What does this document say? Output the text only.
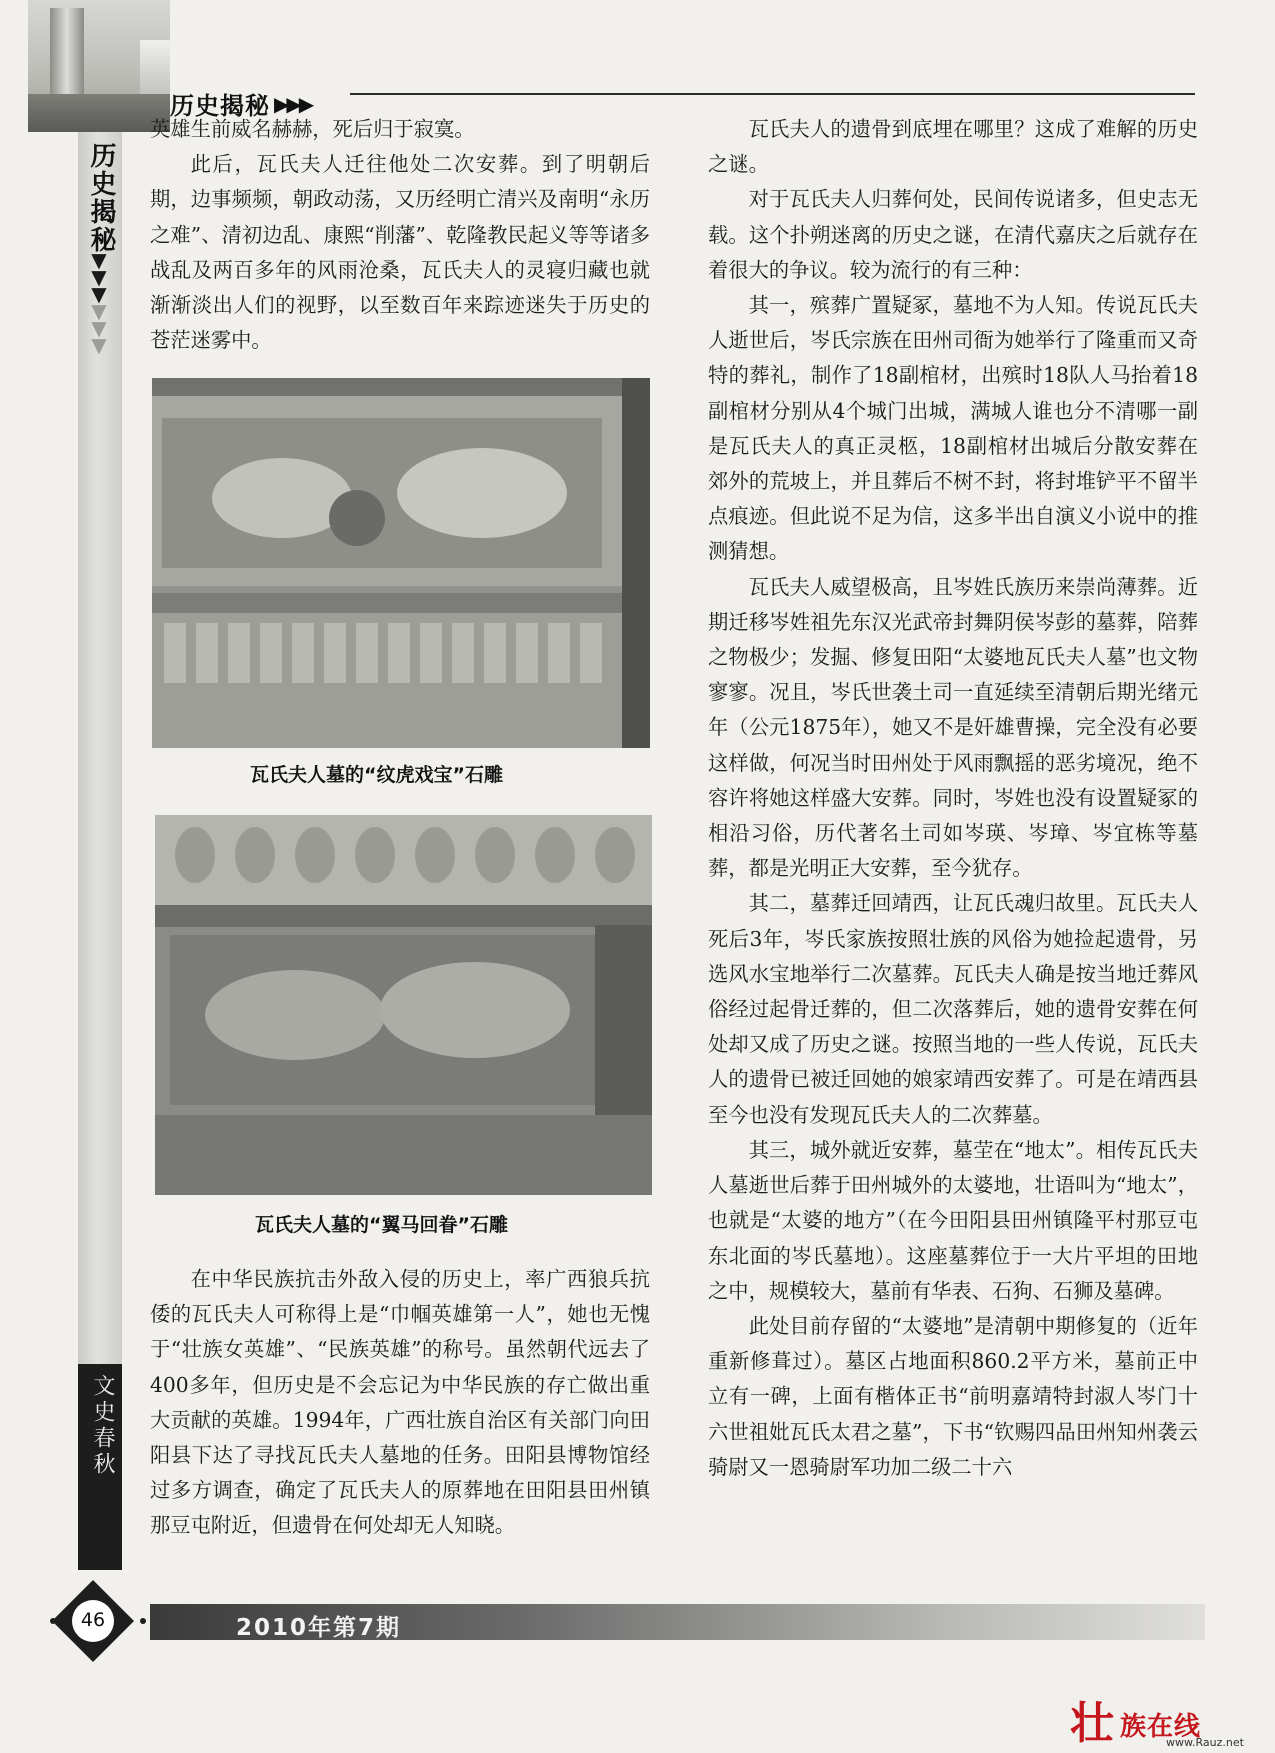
历史揭秘 ▶▶▶
历史揭秘
▼
▼
▼
▼
▼
▼
文史春秋

英雄生前威名赫赫，死后归于寂寞。

此后，瓦氏夫人迁往他处二次安葬。到了明朝后期，边事频频，朝政动荡，又历经明亡清兴及南明“永历之难”、清初边乱、康熙“削藩”、乾隆教民起义等等诸多战乱及两百多年的风雨沧桑，瓦氏夫人的灵寝归藏也就渐渐淡出人们的视野，以至数百年来踪迹迷失于历史的苍茫迷雾中。

瓦氏夫人墓的“纹虎戏宝”石雕
瓦氏夫人墓的“翼马回眷”石雕

在中华民族抗击外敌入侵的历史上，率广西狼兵抗倭的瓦氏夫人可称得上是“巾帼英雄第一人”，她也无愧于“壮族女英雄”、“民族英雄”的称号。虽然朝代远去了400多年，但历史是不会忘记为中华民族的存亡做出重大贡献的英雄。1994年，广西壮族自治区有关部门向田阳县下达了寻找瓦氏夫人墓地的任务。田阳县博物馆经过多方调查，确定了瓦氏夫人的原葬地在田阳县田州镇那豆屯附近，但遗骨在何处却无人知晓。

瓦氏夫人的遗骨到底埋在哪里？这成了难解的历史之谜。

对于瓦氏夫人归葬何处，民间传说诸多，但史志无载。这个扑朔迷离的历史之谜，在清代嘉庆之后就存在着很大的争议。较为流行的有三种：

其一，殡葬广置疑冢，墓地不为人知。传说瓦氏夫人逝世后，岑氏宗族在田州司衙为她举行了隆重而又奇特的葬礼，制作了18副棺材，出殡时18队人马抬着18副棺材分别从4个城门出城，满城人谁也分不清哪一副是瓦氏夫人的真正灵柩，18副棺材出城后分散安葬在郊外的荒坡上，并且葬后不树不封，将封堆铲平不留半点痕迹。但此说不足为信，这多半出自演义小说中的推测猜想。

瓦氏夫人威望极高，且岑姓氏族历来崇尚薄葬。近期迁移岑姓祖先东汉光武帝封舞阴侯岑彭的墓葬，陪葬之物极少；发掘、修复田阳“太婆地瓦氏夫人墓”也文物寥寥。况且，岑氏世袭土司一直延续至清朝后期光绪元年（公元1875年），她又不是奸雄曹操，完全没有必要这样做，何况当时田州处于风雨飘摇的恶劣境况，绝不容许将她这样盛大安葬。同时，岑姓也没有设置疑冢的相沿习俗，历代著名土司如岑瑛、岑璋、岑宜栋等墓葬，都是光明正大安葬，至今犹存。

其二，墓葬迁回靖西，让瓦氏魂归故里。瓦氏夫人死后3年，岑氏家族按照壮族的风俗为她捡起遗骨，另选风水宝地举行二次墓葬。瓦氏夫人确是按当地迁葬风俗经过起骨迁葬的，但二次落葬后，她的遗骨安葬在何处却又成了历史之谜。按照当地的一些人传说，瓦氏夫人的遗骨已被迁回她的娘家靖西安葬了。可是在靖西县至今也没有发现瓦氏夫人的二次葬墓。

其三，城外就近安葬，墓茔在“地太”。相传瓦氏夫人墓逝世后葬于田州城外的太婆地，壮语叫为“地太”，也就是“太婆的地方”（在今田阳县田州镇隆平村那豆屯东北面的岑氏墓地）。这座墓葬位于一大片平坦的田地之中，规模较大，墓前有华表、石狗、石狮及墓碑。

此处目前存留的“太婆地”是清朝中期修复的（近年重新修葺过）。墓区占地面积860.2平方米，墓前正中立有一碑，上面有楷体正书“前明嘉靖特封淑人岑门十六世祖妣瓦氏太君之墓”，下书“钦赐四品田州知州袭云骑尉又一恩骑尉军功加二级二十六

2010年第7期
46
壮 族在线
www.Rauz.net
